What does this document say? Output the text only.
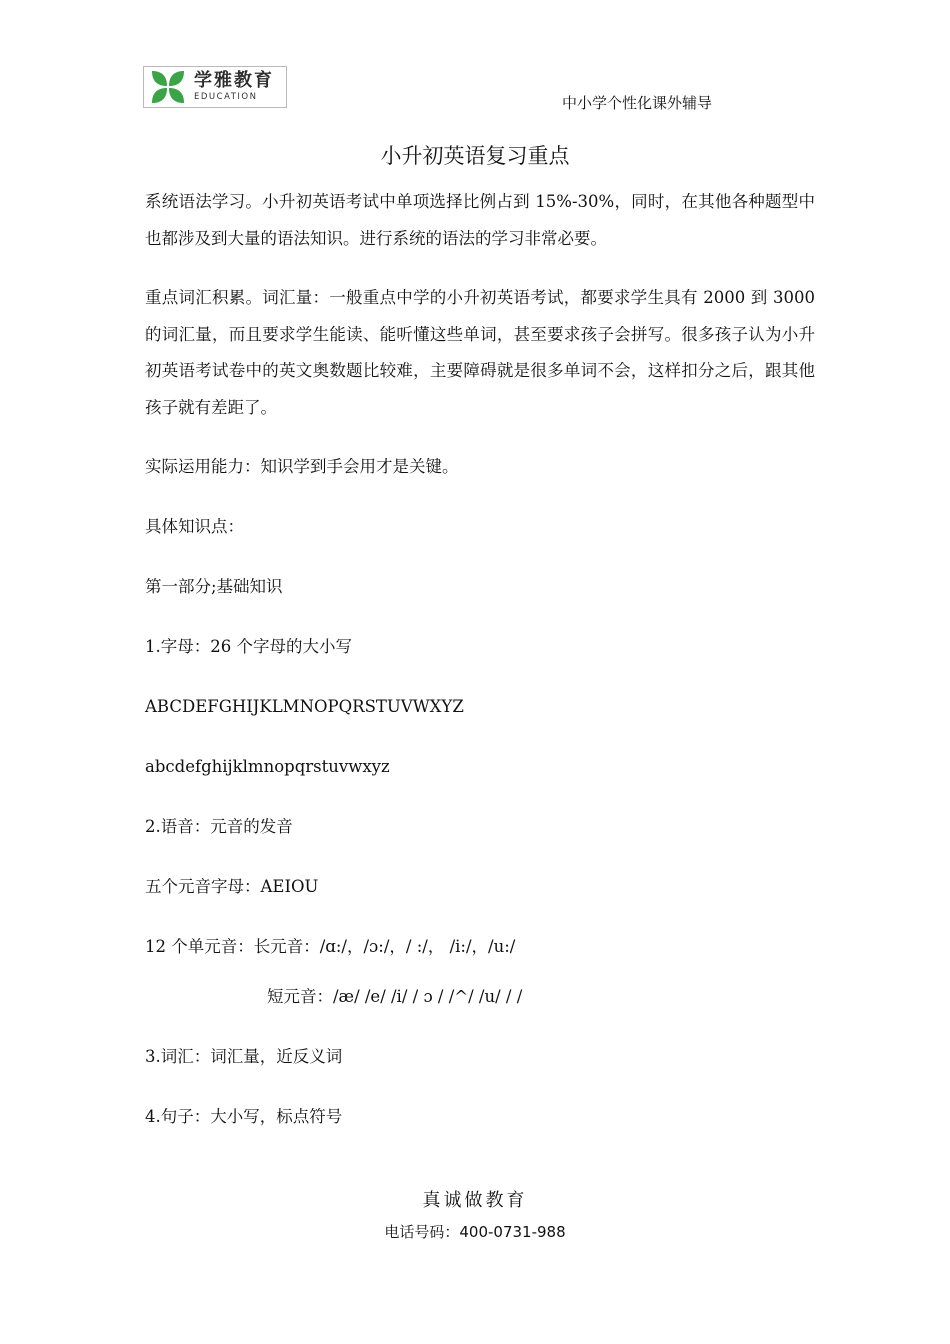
学雅教育
EDUCATION	中小学个性化课外辅导
小升初英语复习重点

系统语法学习。小升初英语考试中单项选择比例占到 15%-30%，同时，在其他各种题型中也都涉及到大量的语法知识。进行系统的语法的学习非常必要。

重点词汇积累。词汇量：一般重点中学的小升初英语考试，都要求学生具有 2000 到 3000 的词汇量，而且要求学生能读、能听懂这些单词，甚至要求孩子会拼写。很多孩子认为小升初英语考试卷中的英文奥数题比较难，主要障碍就是很多单词不会，这样扣分之后，跟其他孩子就有差距了。

实际运用能力：知识学到手会用才是关键。
具体知识点：
第一部分;基础知识
1.字母：26 个字母的大小写
ABCDEFGHIJKLMNOPQRSTUVWXYZ
abcdefghijklmnopqrstuvwxyz
2.语音：元音的发音
五个元音字母：AEIOU
12 个单元音：长元音：/ɑ:/，/ɔ:/，/ :/， /i:/，/u:/
短元音：/æ/ /e/ /i/ / ɔ / /^/ /u/ / /
3.词汇：词汇量，近反义词
4.句子：大小写，标点符号
真诚做教育
电话号码：400-0731-988
